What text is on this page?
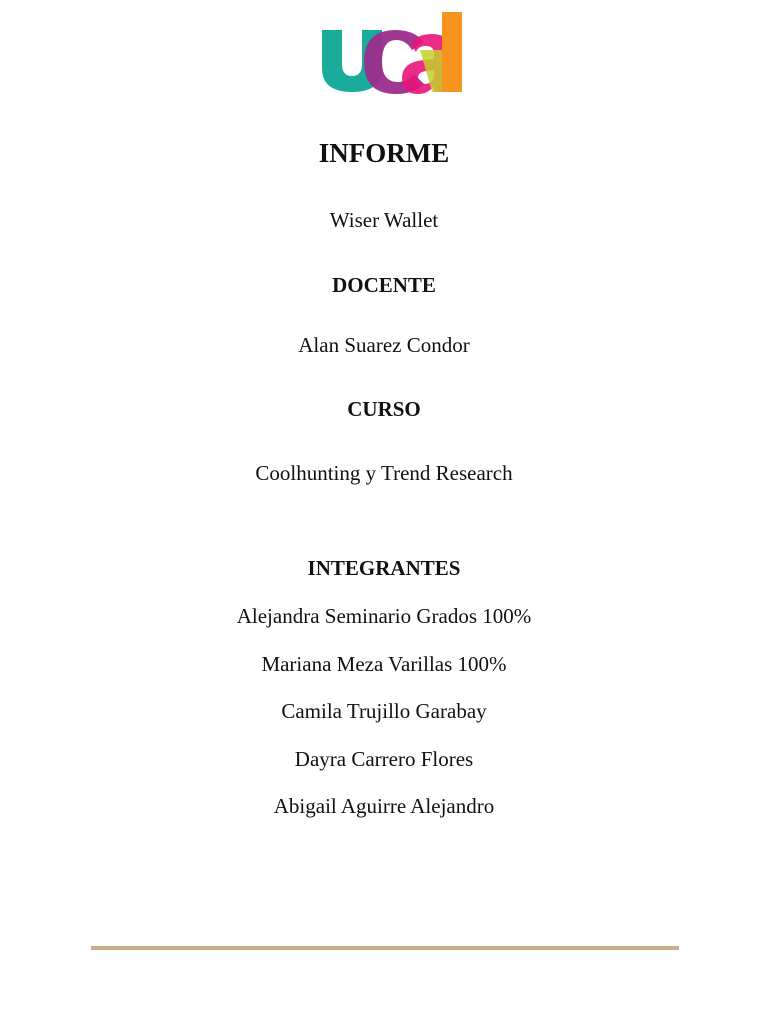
INFORME
Wiser Wallet
DOCENTE
Alan Suarez Condor
CURSO
Coolhunting y Trend Research
INTEGRANTES
Alejandra Seminario Grados 100%
Mariana Meza Varillas 100%
Camila Trujillo Garabay
Dayra Carrero Flores
Abigail Aguirre Alejandro
